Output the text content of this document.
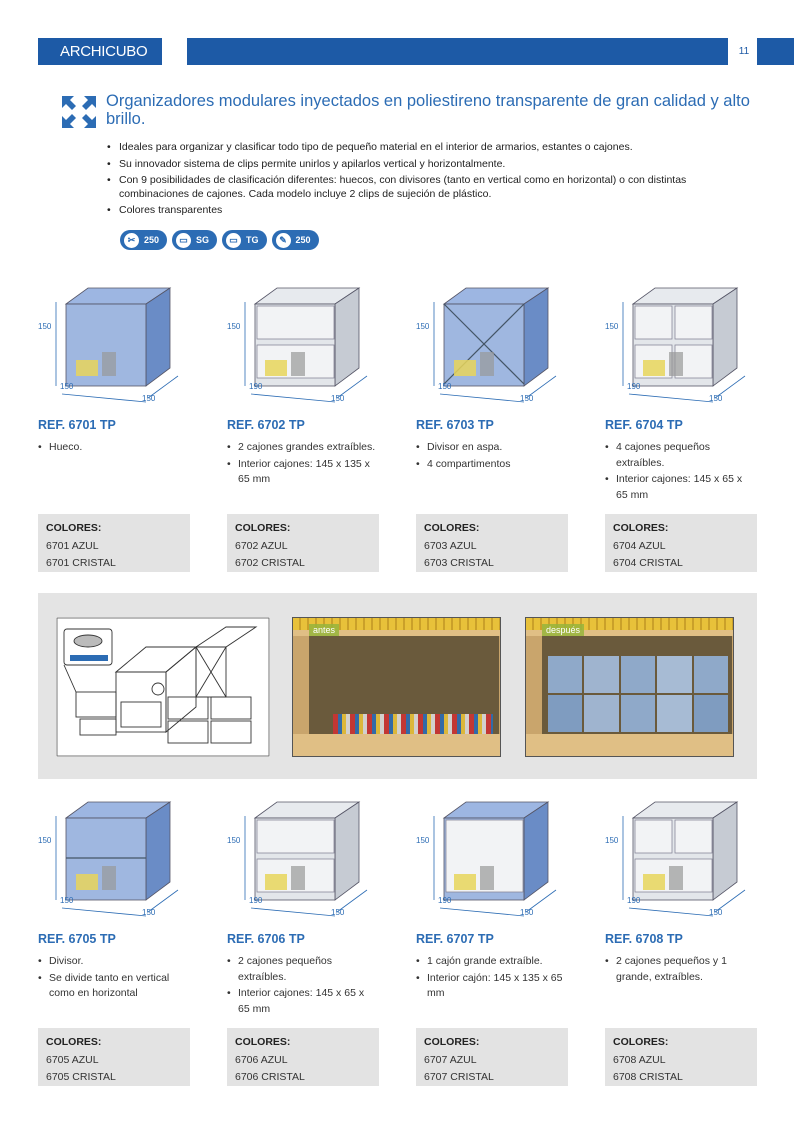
ARCHICUBO	11
Organizadores modulares inyectados en poliestireno transparente de gran calidad y alto brillo.
• Ideales para organizar y clasificar todo tipo de pequeño material en el interior de armarios, estantes o cajones.
• Su innovador sistema de clips permite unirlos y apilarlos vertical y horizontalmente.
• Con 9 posibilidades de clasificación diferentes: huecos, con divisores (tanto en vertical como en horizontal) o con distintas combinaciones de cajones. Cada modelo incluye 2 clips de sujeción de plástico.
• Colores transparentes
✂ 250	▭ SG	▭ TG	✎ 250
150
150
150
REF. 6701 TP
• Hueco.
COLORES:
6701 AZUL
6701 CRISTAL
150
190
150
REF. 6702 TP
• 2 cajones grandes extraíbles.
• Interior cajones: 145 x 135 x 65 mm
COLORES:
6702 AZUL
6702 CRISTAL
150
150
150
REF. 6703 TP
• Divisor en aspa.
• 4 compartimentos
COLORES:
6703 AZUL
6703 CRISTAL
150
190
150
REF. 6704 TP
• 4 cajones pequeños extraíbles.
• Interior cajones: 145 x 65 x 65 mm
COLORES:
6704 AZUL
6704 CRISTAL
150
150
150
REF. 6705 TP
• Divisor.
• Se divide tanto en vertical como en horizontal
COLORES:
6705 AZUL
6705 CRISTAL
150
190
150
REF. 6706 TP
• 2 cajones pequeños extraíbles.
• Interior cajones: 145 x 65 x 65 mm
COLORES:
6706 AZUL
6706 CRISTAL
150
190
150
REF. 6707 TP
• 1 cajón grande extraíble.
• Interior cajón: 145 x 135 x 65 mm
COLORES:
6707 AZUL
6707 CRISTAL
150
190
150
REF. 6708 TP
• 2 cajones pequeños y 1 grande, extraíbles.
COLORES:
6708 AZUL
6708 CRISTAL
antes	después
